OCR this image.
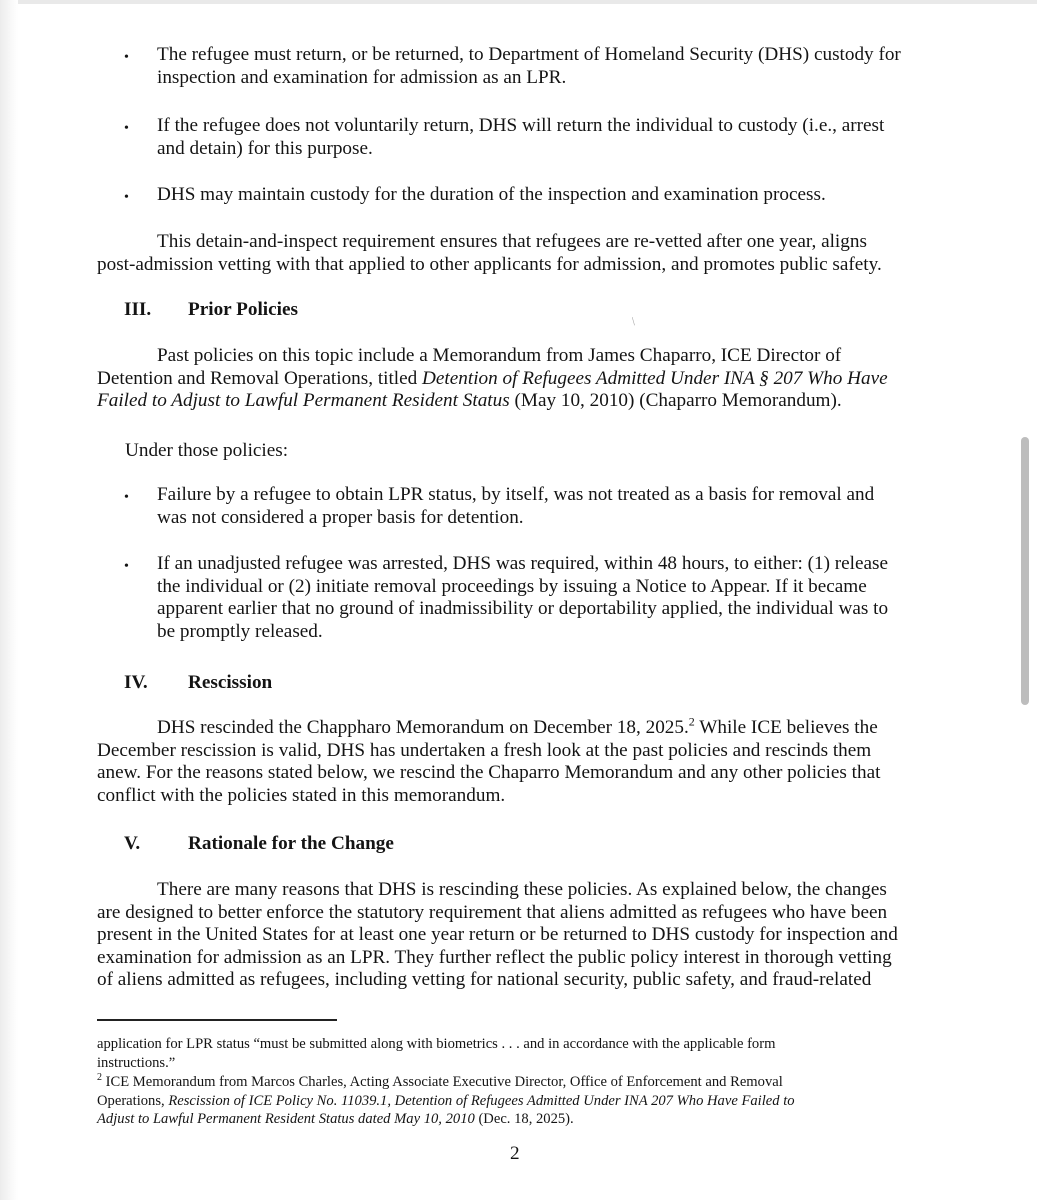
/
• The refugee must return, or be returned, to Department of Homeland Security (DHS) custody for
inspection and examination for admission as an LPR.
• If the refugee does not voluntarily return, DHS will return the individual to custody (i.e., arrest
and detain) for this purpose.
• DHS may maintain custody for the duration of the inspection and examination process.
This detain-and-inspect requirement ensures that refugees are re-vetted after one year, aligns
post-admission vetting with that applied to other applicants for admission, and promotes public safety.
III. Prior Policies
Past policies on this topic include a Memorandum from James Chaparro, ICE Director of
Detention and Removal Operations, titled Detention of Refugees Admitted Under INA § 207 Who Have
Failed to Adjust to Lawful Permanent Resident Status (May 10, 2010) (Chaparro Memorandum).
Under those policies:
• Failure by a refugee to obtain LPR status, by itself, was not treated as a basis for removal and
was not considered a proper basis for detention.
• If an unadjusted refugee was arrested, DHS was required, within 48 hours, to either: (1) release
the individual or (2) initiate removal proceedings by issuing a Notice to Appear. If it became
apparent earlier that no ground of inadmissibility or deportability applied, the individual was to
be promptly released.
IV. Rescission
DHS rescinded the Chappharo Memorandum on December 18, 2025.$^2$ While ICE believes the
December rescission is valid, DHS has undertaken a fresh look at the past policies and rescinds them
anew. For the reasons stated below, we rescind the Chaparro Memorandum and any other policies that
conflict with the policies stated in this memorandum.
V. Rationale for the Change
There are many reasons that DHS is rescinding these policies. As explained below, the changes
are designed to better enforce the statutory requirement that aliens admitted as refugees who have been
present in the United States for at least one year return or be returned to DHS custody for inspection and
examination for admission as an LPR. They further reflect the public policy interest in thorough vetting
of aliens admitted as refugees, including vetting for national security, public safety, and fraud-related
application for LPR status “must be submitted along with biometrics . . . and in accordance with the applicable form
instructions.”
$^2$ ICE Memorandum from Marcos Charles, Acting Associate Executive Director, Office of Enforcement and Removal
Operations, Rescission of ICE Policy No. 11039.1, Detention of Refugees Admitted Under INA 207 Who Have Failed to
Adjust to Lawful Permanent Resident Status dated May 10, 2010 (Dec. 18, 2025).
2
